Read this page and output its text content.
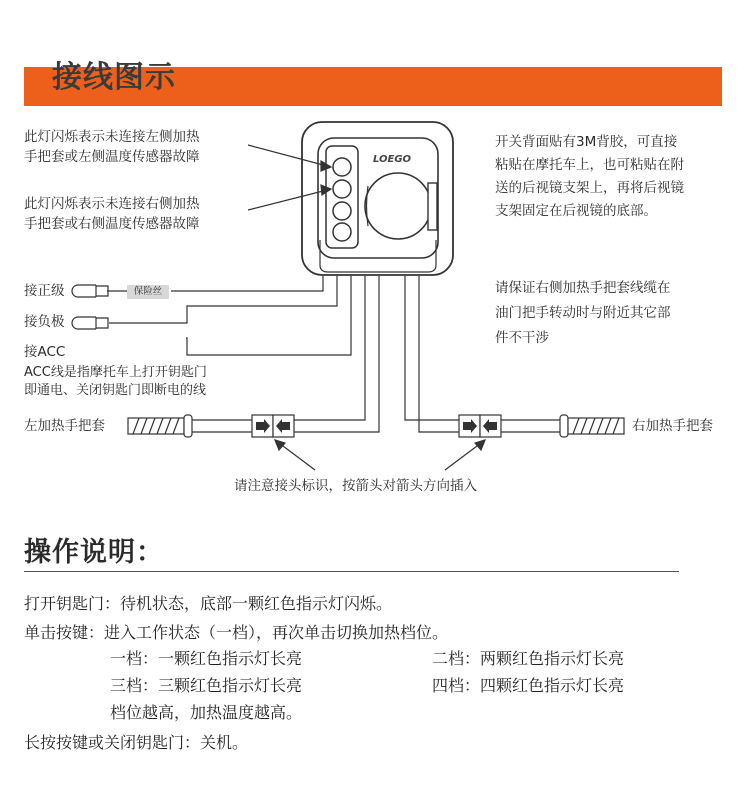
接线图示
LOEGO
保险丝
此灯闪烁表示未连接左侧加热
手把套或左侧温度传感器故障
此灯闪烁表示未连接右侧加热
手把套或右侧温度传感器故障
接正级
接负极
接ACC
ACC线是指摩托车上打开钥匙门
即通电、关闭钥匙门即断电的线
左加热手把套	右加热手把套
请注意接头标识，按箭头对箭头方向插入
开关背面贴有3M背胶，可直接
粘贴在摩托车上，也可粘贴在附
送的后视镜支架上，再将后视镜
支架固定在后视镜的底部。
请保证右侧加热手把套线缆在
油门把手转动时与附近其它部
件不干涉
操作说明：
打开钥匙门：待机状态，底部一颗红色指示灯闪烁。
单击按键：进入工作状态（一档），再次单击切换加热档位。
一档：一颗红色指示灯长亮	二档：两颗红色指示灯长亮
三档：三颗红色指示灯长亮	四档：四颗红色指示灯长亮
档位越高，加热温度越高。
长按按键或关闭钥匙门：关机。
